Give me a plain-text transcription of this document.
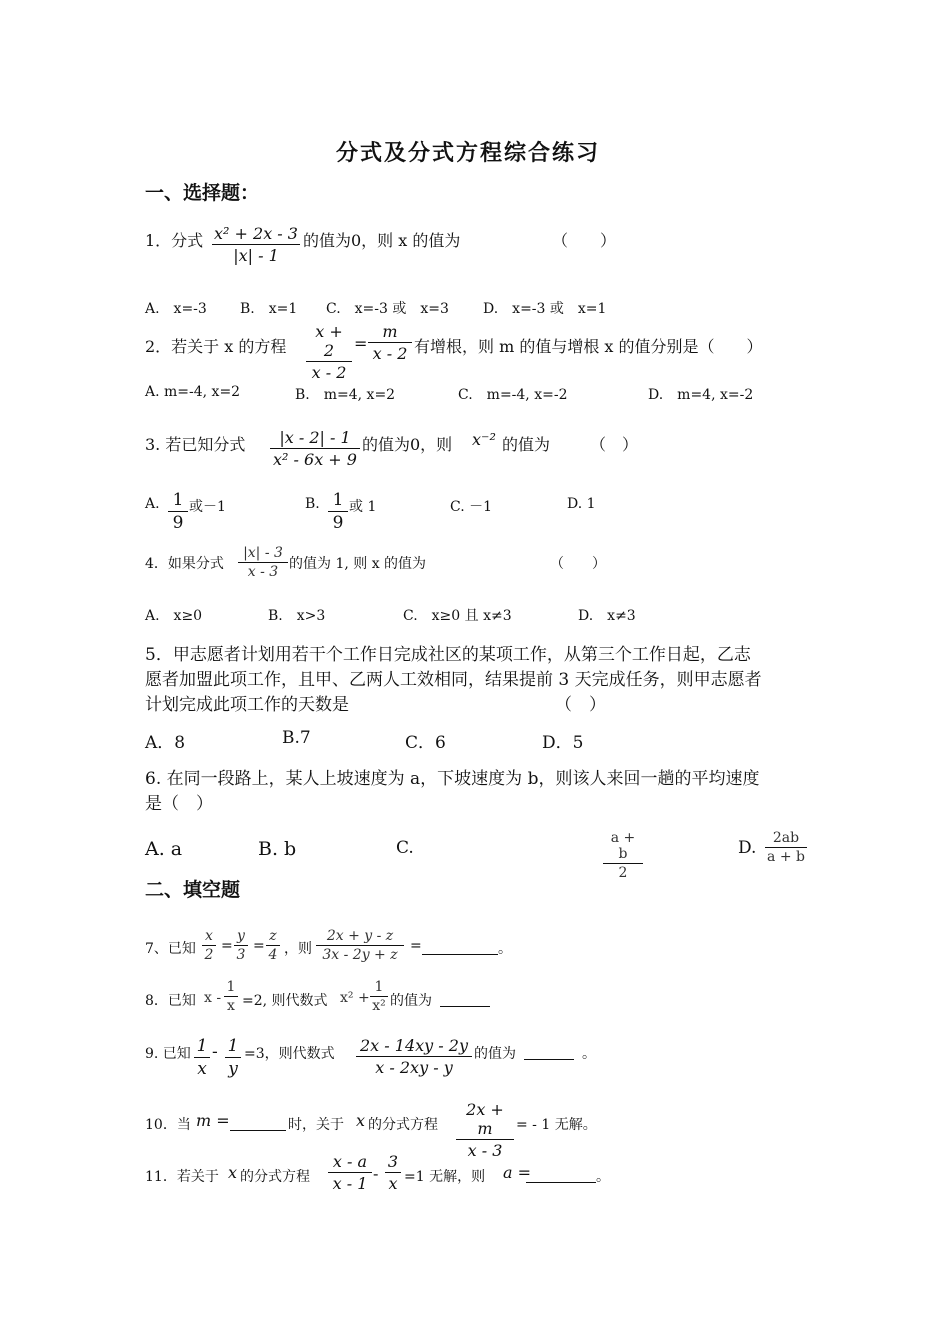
分式及分式方程综合练习
一、选择题：
1．分式 x² + 2x - 3
|x| - 1
的值为0，则 x 的值为	（　　）
A.　x=-3 B.　x=1 C.　x=-3 或　x=3 D.　x=-3 或　x=1
2．若关于 x 的方程
x + 2
x - 2
=
m
x - 2 有增根，则 m 的值与增根 x 的值分别是（　　）
A. m=-4, x=2	B.　m=4, x=2	C.　m=-4, x=-2	D.　m=4, x=-2
3. 若已知分式	|x - 2| - 1
x² - 6x + 9
的值为0，则 x⁻² 的值为 （　）
A. 1
9
或－1	B. 1
9
或 1	C. －1	D. 1
4．如果分式
|x| - 3
x - 3 的值为 1, 则 x 的值为	（　　）
A.　x≥0	B.　x>3	C.　x≥0 且 x≠3	D.　x≠3
5．甲志愿者计划用若干个工作日完成社区的某项工作，从第三个工作日起，乙志
愿者加盟此项工作，且甲、乙两人工效相同，结果提前 3 天完成任务，则甲志愿者
计划完成此项工作的天数是	（　）
A．8	B.7	C．6	D．5
6. 在同一段路上，某人上坡速度为 a，下坡速度为 b，则该人来回一趟的平均速度
是（　）
A. a	B. b	C.	a + b
2
D.	2ab
a + b
二、填空题
7、已知
x
2
=
y
3
=
z
4 ，则
2x + y - z
3x - 2y + z
=	。
8．已知 x -
1
x =2, 则代数式 x² +
1
x² 的值为
9. 已知 1
x
- 1
y
=3，则代数式 2x - 14xy - 2y
x - 2xy - y
的值为	。
10．当 m =	时，关于 x 的分式方程
2x + m
x - 3
= - 1 无解。
11．若关于 x 的分式方程
x - a
x - 1
-
3
x =1 无解，则 a =	。
